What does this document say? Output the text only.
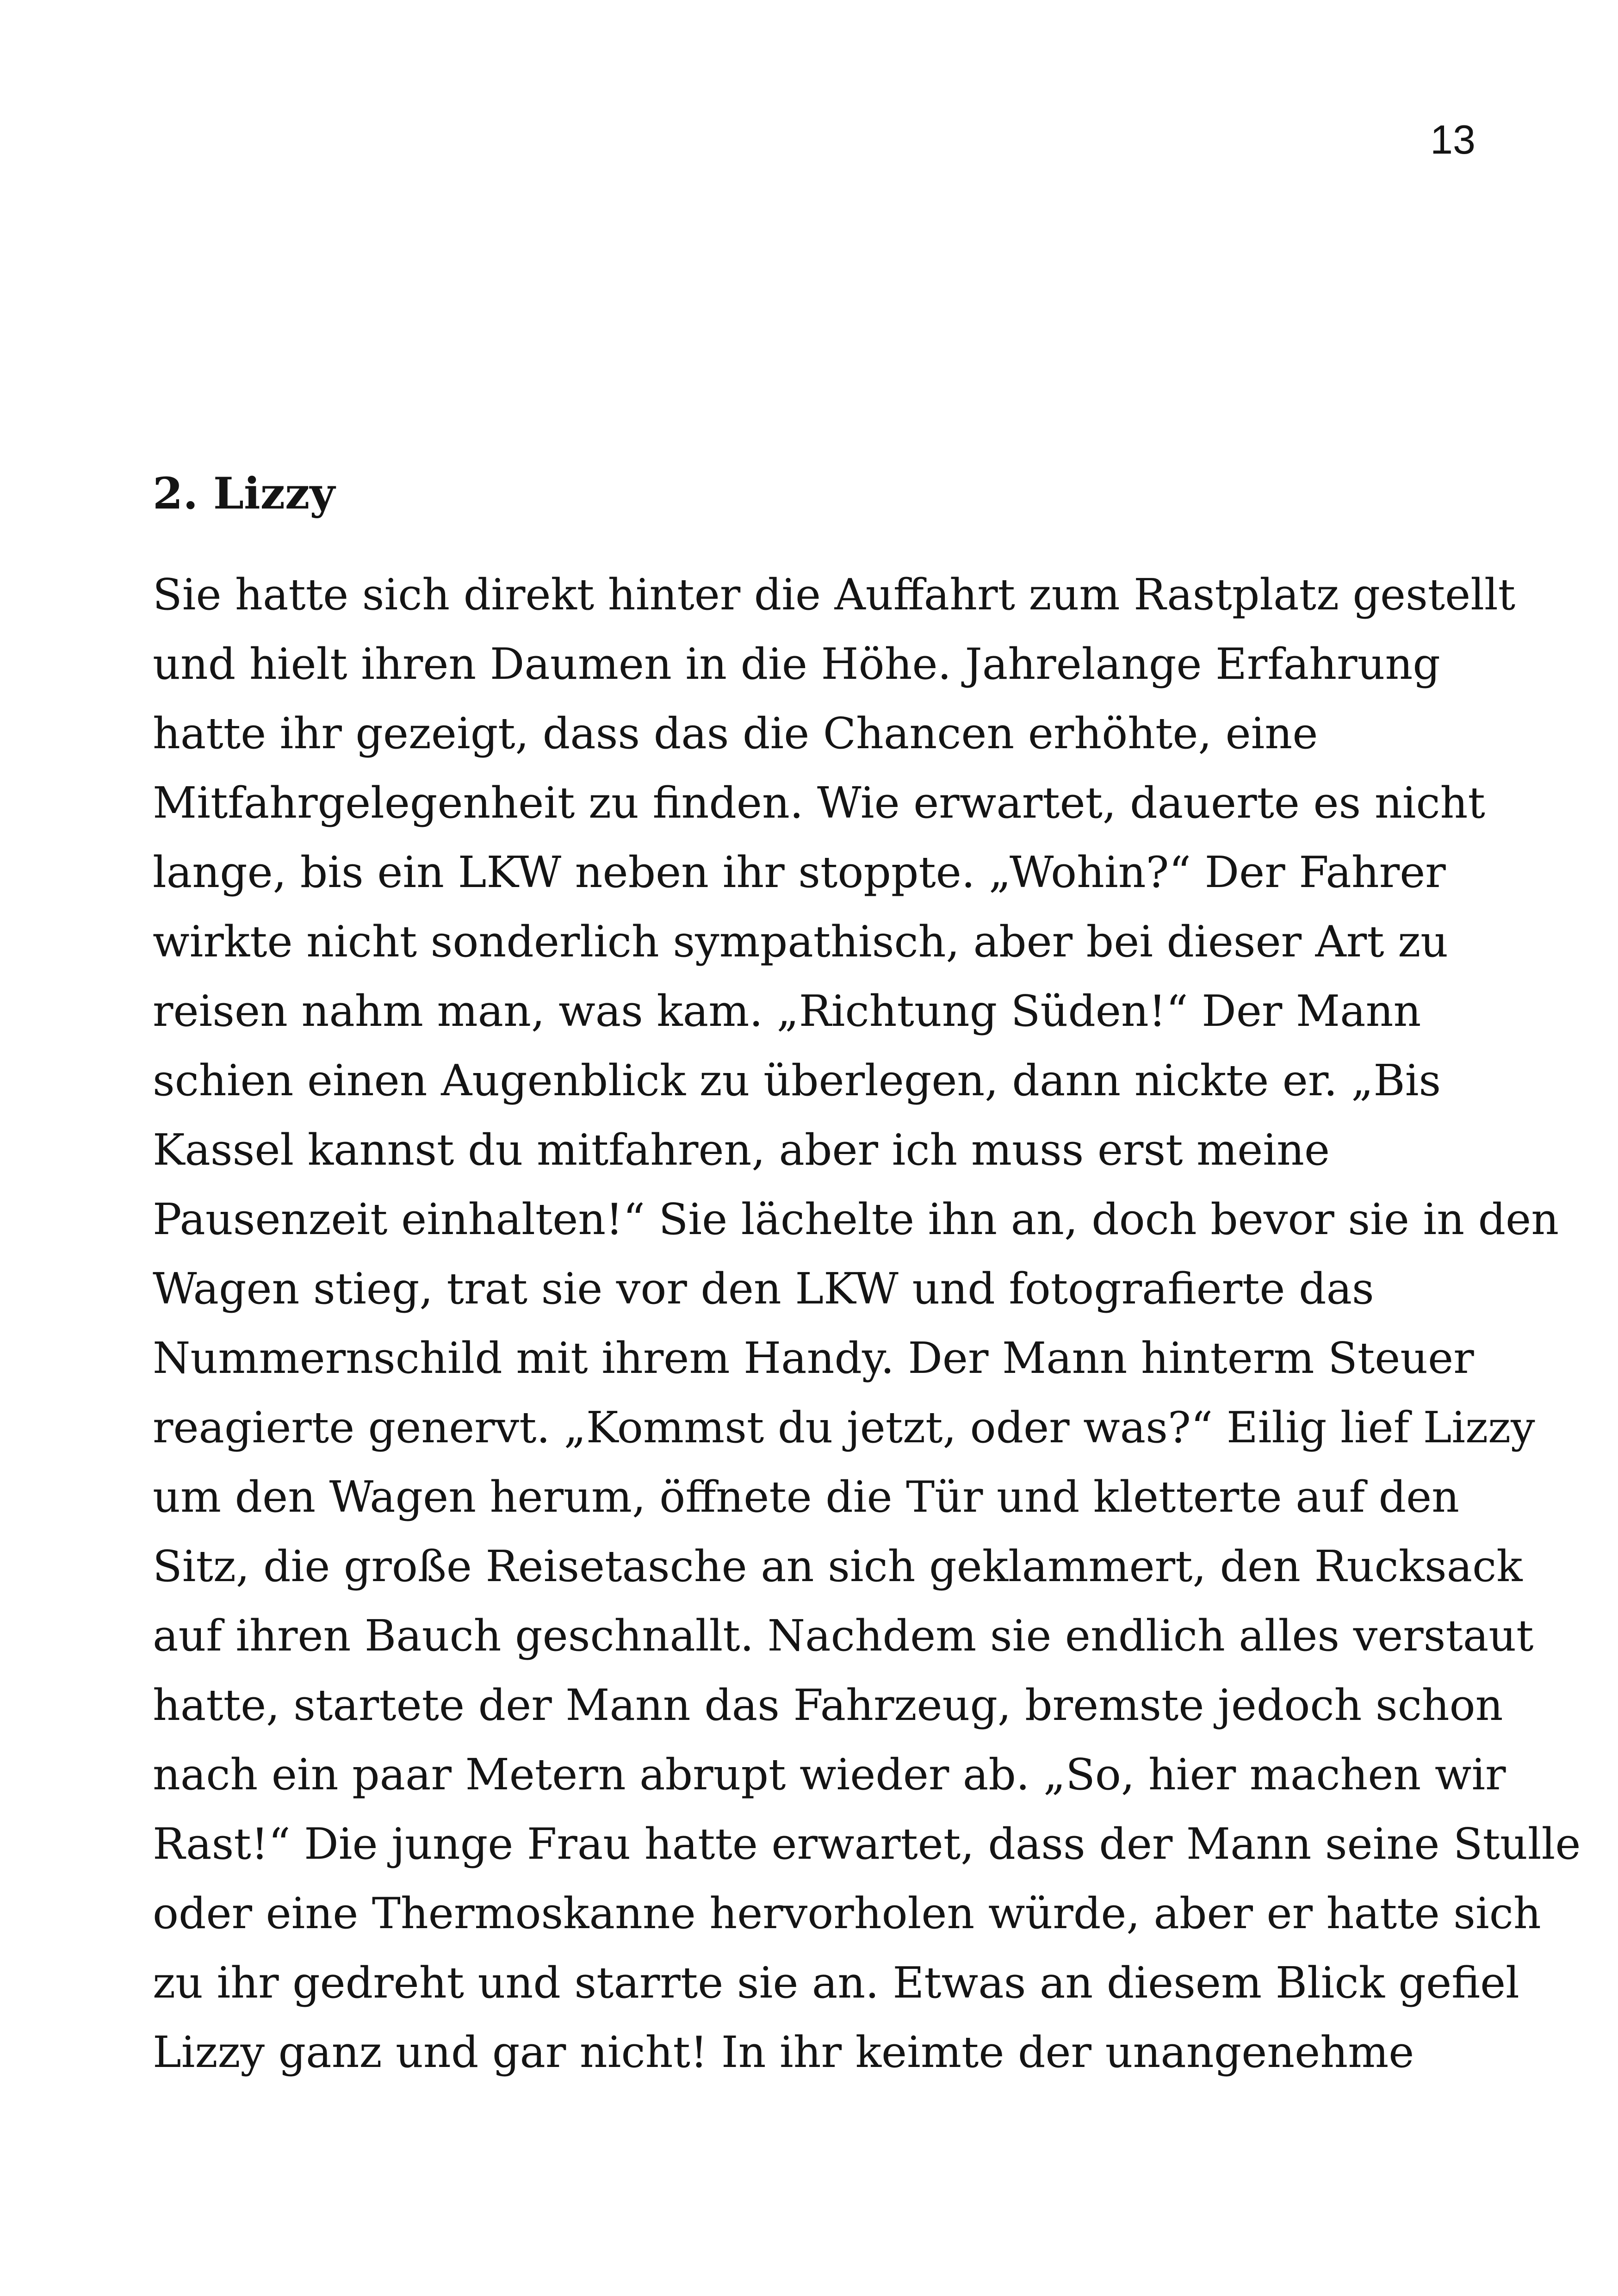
13
2. Lizzy
Sie hatte sich direkt hinter die Auffahrt zum Rastplatz gestellt
und hielt ihren Daumen in die Höhe. Jahrelange Erfahrung
hatte ihr gezeigt, dass das die Chancen erhöhte, eine
Mitfahrgelegenheit zu finden. Wie erwartet, dauerte es nicht
lange, bis ein LKW neben ihr stoppte. „Wohin?“ Der Fahrer
wirkte nicht sonderlich sympathisch, aber bei dieser Art zu
reisen nahm man, was kam. „Richtung Süden!“ Der Mann
schien einen Augenblick zu überlegen, dann nickte er. „Bis
Kassel kannst du mitfahren, aber ich muss erst meine
Pausenzeit einhalten!“ Sie lächelte ihn an, doch bevor sie in den
Wagen stieg, trat sie vor den LKW und fotografierte das
Nummernschild mit ihrem Handy. Der Mann hinterm Steuer
reagierte genervt. „Kommst du jetzt, oder was?“ Eilig lief Lizzy
um den Wagen herum, öffnete die Tür und kletterte auf den
Sitz, die große Reisetasche an sich geklammert, den Rucksack
auf ihren Bauch geschnallt. Nachdem sie endlich alles verstaut
hatte, startete der Mann das Fahrzeug, bremste jedoch schon
nach ein paar Metern abrupt wieder ab. „So, hier machen wir
Rast!“ Die junge Frau hatte erwartet, dass der Mann seine Stulle
oder eine Thermoskanne hervorholen würde, aber er hatte sich
zu ihr gedreht und starrte sie an. Etwas an diesem Blick gefiel
Lizzy ganz und gar nicht! In ihr keimte der unangenehme
